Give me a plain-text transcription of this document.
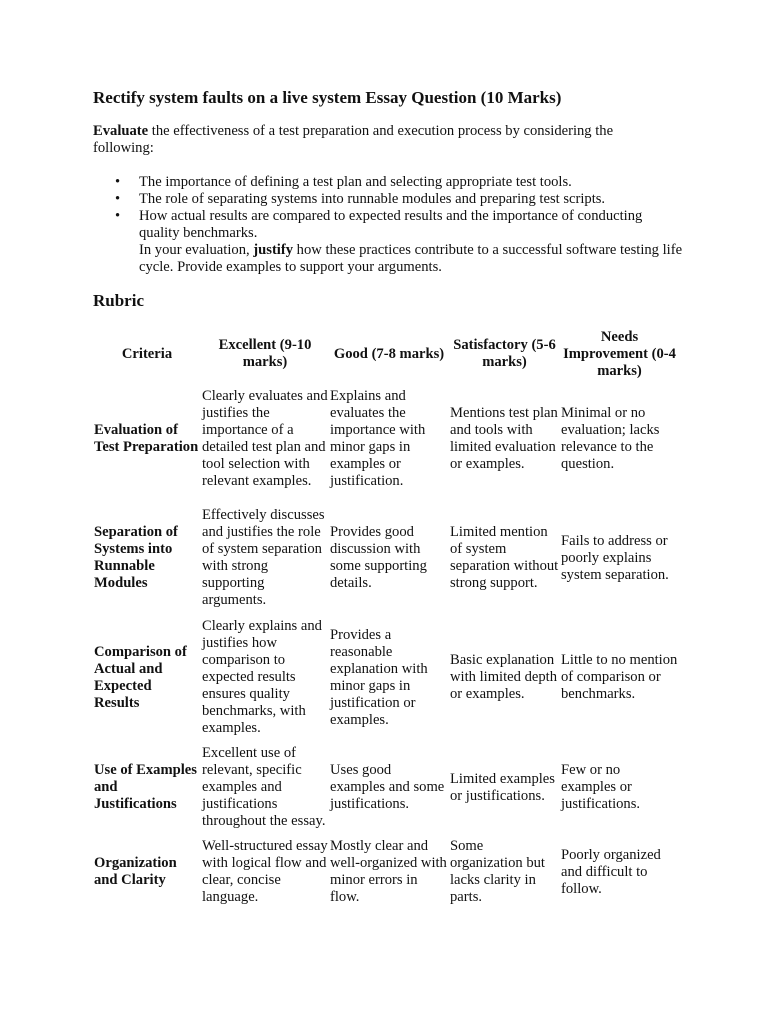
Rectify system faults on a live system Essay Question (10 Marks)

Evaluate the effectiveness of a test preparation and execution process by considering the following:

• The importance of defining a test plan and selecting appropriate test tools.
• The role of separating systems into runnable modules and preparing test scripts.
• How actual results are compared to expected results and the importance of conducting quality benchmarks.
In your evaluation, justify how these practices contribute to a successful software testing life cycle. Provide examples to support your arguments.
Rubric
Criteria	Excellent (9-10 marks)	Good (7-8 marks)	Satisfactory (5-6 marks)	Needs Improvement (0-4 marks)
Evaluation of Test Preparation	Clearly evaluates and justifies the importance of a detailed test plan and tool selection with relevant examples.	Explains and evaluates the importance with minor gaps in examples or justification.	Mentions test plan and tools with limited evaluation or examples.	Minimal or no evaluation; lacks relevance to the question.
Separation of Systems into Runnable Modules	Effectively discusses and justifies the role of system separation with strong supporting arguments.	Provides good discussion with some supporting details.	Limited mention of system separation without strong support.	Fails to address or poorly explains system separation.
Comparison of Actual and Expected Results	Clearly explains and justifies how comparison to expected results ensures quality benchmarks, with examples.	Provides a reasonable explanation with minor gaps in justification or examples.	Basic explanation with limited depth or examples.	Little to no mention of comparison or benchmarks.
Use of Examples and Justifications	Excellent use of relevant, specific examples and justifications throughout the essay.	Uses good examples and some justifications.	Limited examples or justifications.	Few or no examples or justifications.
Organization and Clarity	Well-structured essay with logical flow and clear, concise language.	Mostly clear and well-organized with minor errors in flow.	Some organization but lacks clarity in parts.	Poorly organized and difficult to follow.
